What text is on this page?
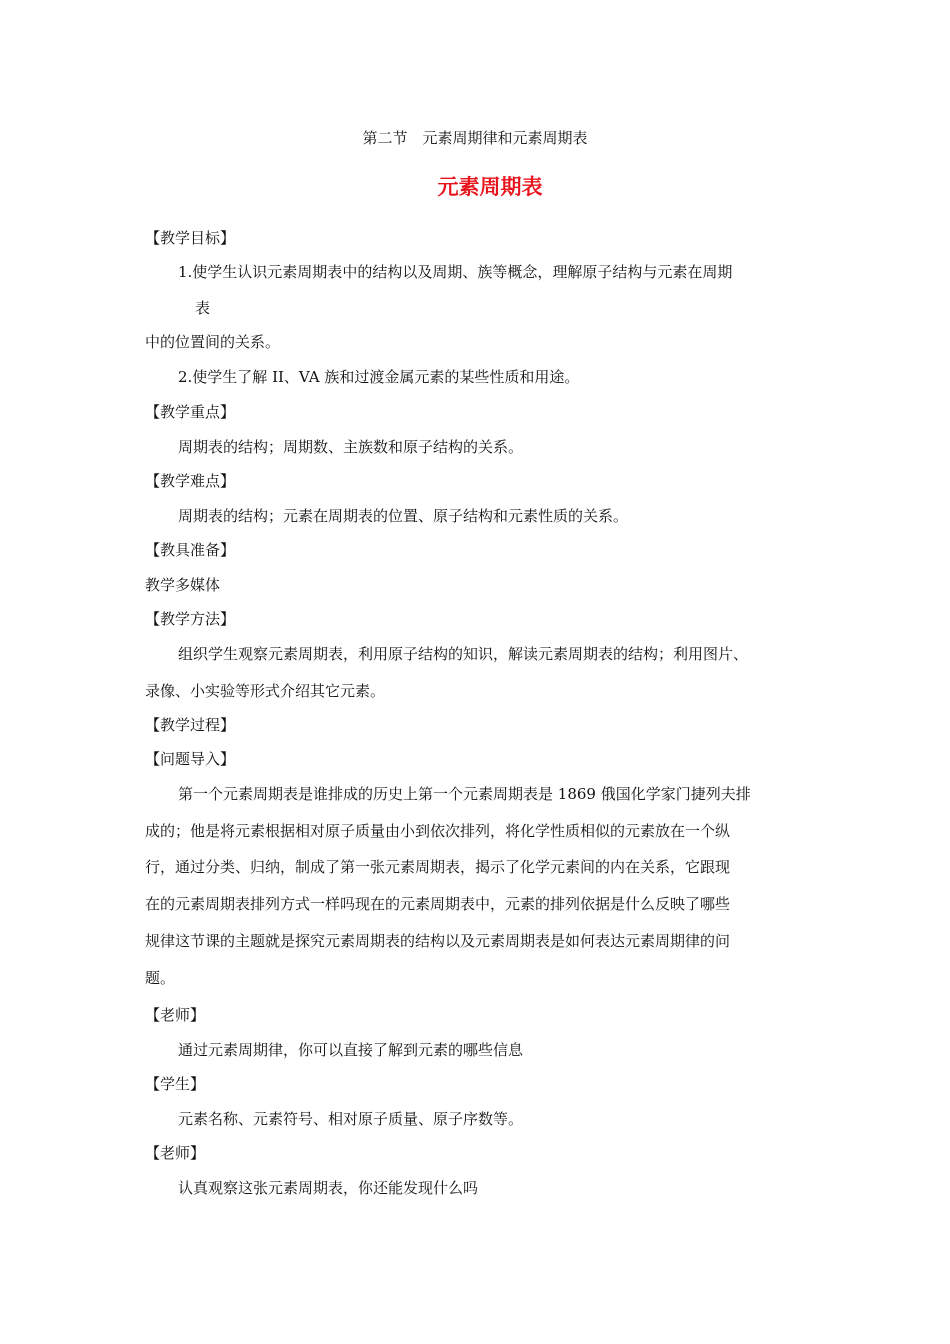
第二节　元素周期律和元素周期表
元素周期表
【教学目标】
1.使学生认识元素周期表中的结构以及周期、族等概念，理解原子结构与元素在周期
表
中的位置间的关系。
2.使学生了解 II、VA 族和过渡金属元素的某些性质和用途。
【教学重点】
周期表的结构；周期数、主族数和原子结构的关系。
【教学难点】
周期表的结构；元素在周期表的位置、原子结构和元素性质的关系。
【教具准备】
教学多媒体
【教学方法】
组织学生观察元素周期表，利用原子结构的知识，解读元素周期表的结构；利用图片、
录像、小实验等形式介绍其它元素。
【教学过程】
【问题导入】
第一个元素周期表是谁排成的历史上第一个元素周期表是 1869 俄国化学家门捷列夫排
成的；他是将元素根据相对原子质量由小到依次排列，将化学性质相似的元素放在一个纵
行，通过分类、归纳，制成了第一张元素周期表，揭示了化学元素间的内在关系，它跟现
在的元素周期表排列方式一样吗现在的元素周期表中，元素的排列依据是什么反映了哪些
规律这节课的主题就是探究元素周期表的结构以及元素周期表是如何表达元素周期律的问
题。
【老师】
通过元素周期律，你可以直接了解到元素的哪些信息
【学生】
元素名称、元素符号、相对原子质量、原子序数等。
【老师】
认真观察这张元素周期表，你还能发现什么吗
